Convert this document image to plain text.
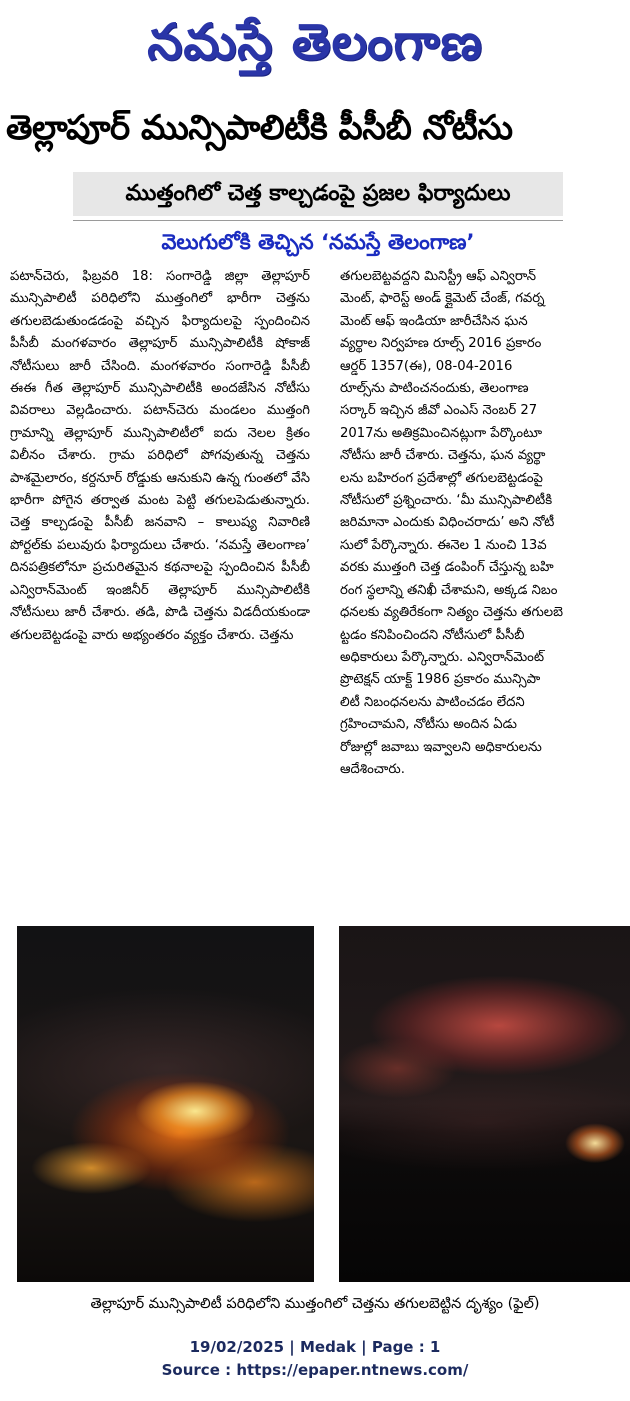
నమస్తే తెలంగాణ
తెల్లాపూర్ మున్సిపాలిటీకి పీసీబీ నోటీసు
ముత్తంగిలో చెత్త కాల్చడంపై ప్రజల ఫిర్యాదులు
వెలుగులోకి తెచ్చిన ‘నమస్తే తెలంగాణ’
పటాన్‌చెరు, ఫిబ్రవరి 18: సంగారెడ్డి జిల్లా తెల్లాపూర్ మున్సిపాలిటీ పరిధిలోని ముత్తంగిలో భారీగా చెత్తను తగులబెడుతుండడంపై వచ్చిన ఫిర్యాదులపై స్పందించిన పీసీబీ మంగళవారం తెల్లాపూర్ మున్సిపాలిటీకి షోకాజ్ నోటీసులు జారీ చేసింది. మంగళవారం సంగారెడ్డి పీసీబీ ఈఈ గీత తెల్లాపూర్ మున్సిపాలిటీకి అందజేసిన నోటీసు వివరాలు వెల్లడించారు. పటాన్‌చెరు మండలం ముత్తంగి గ్రామాన్ని తెల్లాపూర్ మున్సిపాలిటీలో ఐదు నెలల క్రితం విలీనం చేశారు. గ్రామ పరిధిలో పోగవుతున్న చెత్తను పాశమైలారం, కర్దనూర్ రోడ్డుకు ఆనుకుని ఉన్న గుంతలో వేసి భారీగా పోగైన తర్వాత మంట పెట్టి తగులపెడుతున్నారు. చెత్త కాల్చడంపై పీసీబీ జనవాని – కాలుష్య నివారిణి పోర్టల్‌కు పలువురు ఫిర్యాదులు చేశారు. ‘నమస్తే తెలంగాణ’ దినపత్రికలోనూ ప్రచురితమైన కథనాలపై స్పందించిన పీసీబీ ఎన్విరాన్‌మెంట్ ఇంజినీర్ తెల్లాపూర్ మున్సిపాలిటీకి నోటీసులు జారీ చేశారు. తడి, పొడి చెత్తను విడదీయకుండా తగులబెట్టడంపై వారు అభ్యంతరం వ్యక్తం చేశారు. చెత్తను
తగులబెట్టవద్దని మినిస్ట్రీ ఆఫ్ ఎన్విరాన్
మెంట్, ఫారెస్ట్ అండ్ క్లైమెట్ చేంజ్, గవర్న
మెంట్ ఆఫ్ ఇండియా జారీచేసిన ఘన
వ్యర్థాల నిర్వహణ రూల్స్ 2016 ప్రకారం
ఆర్డర్ 1357(ఈ), 08-04-2016
రూల్స్‌ను పాటించనందుకు, తెలంగాణ
సర్కార్ ఇచ్చిన జీవో ఎంఎస్ నెంబర్ 27
2017ను అతిక్రమించినట్లుగా పేర్కొంటూ
నోటీసు జారీ చేశారు. చెత్తను, ఘన వ్యర్థా
లను బహిరంగ ప్రదేశాల్లో తగులబెట్టడంపై
నోటీసులో ప్రశ్నించారు. ‘మీ మున్సిపాలిటీకి
జరిమానా ఎందుకు విధించరాదు’ అని నోటీ
సులో పేర్కొన్నారు. ఈనెల 1 నుంచి 13వ
వరకు ముత్తంగి చెత్త డంపింగ్ చేస్తున్న బహి
రంగ స్థలాన్ని తనిఖీ చేశామని, అక్కడ నిబం
ధనలకు వ్యతిరేకంగా నిత్యం చెత్తను తగులబె
ట్టడం కనిపించిందని నోటీసులో పీసీబీ
అధికారులు పేర్కొన్నారు. ఎన్విరాన్‌మెంట్
ప్రొటెక్షన్ యాక్ట్ 1986 ప్రకారం మున్సిపా
లిటీ నిబంధనలను పాటించడం లేదని
గ్రహించామని, నోటీసు అందిన ఏడు
రోజుల్లో జవాబు ఇవ్వాలని అధికారులను
ఆదేశించారు.
తెల్లాపూర్ మున్సిపాలిటీ పరిధిలోని ముత్తంగిలో చెత్తను తగులబెట్టిన దృశ్యం (ఫైల్)
19/02/2025 | Medak | Page : 1
Source : https://epaper.ntnews.com/
